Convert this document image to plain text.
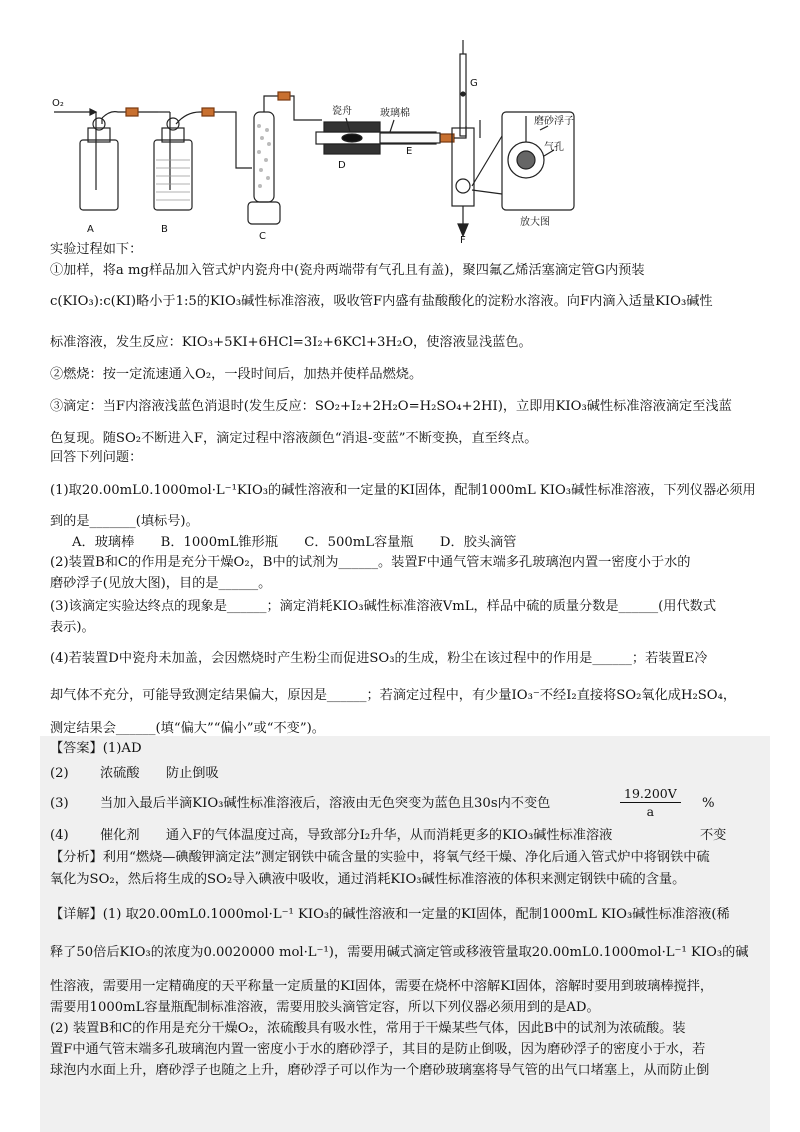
O₂
A	B
C
D
E
F
G
瓷舟	玻璃棉
磨砂浮子
气孔
放大图
实验过程如下：
①加样，将a mg样品加入管式炉内瓷舟中(瓷舟两端带有气孔且有盖)，聚四氟乙烯活塞滴定管G内预装
c(KIO₃):c(KI)略小于1:5的KIO₃碱性标准溶液，吸收管F内盛有盐酸酸化的淀粉水溶液。向F内滴入适量KIO₃碱性
标准溶液，发生反应：KIO₃+5KI+6HCl=3I₂+6KCl+3H₂O，使溶液显浅蓝色。
②燃烧：按一定流速通入O₂，一段时间后，加热并使样品燃烧。
③滴定：当F内溶液浅蓝色消退时(发生反应：SO₂+I₂+2H₂O=H₂SO₄+2HI)，立即用KIO₃碱性标准溶液滴定至浅蓝
色复现。随SO₂不断进入F，滴定过程中溶液颜色“消退-变蓝”不断变换，直至终点。
回答下列问题：
(1)取20.00mL0.1000mol·L⁻¹KIO₃的碱性溶液和一定量的KI固体，配制1000mL KIO₃碱性标准溶液，下列仪器必须用
到的是_______(填标号)。
A．玻璃棒　　B．1000mL锥形瓶　　C．500mL容量瓶　　D．胶头滴管
(2)装置B和C的作用是充分干燥O₂，B中的试剂为______。装置F中通气管末端多孔玻璃泡内置一密度小于水的
磨砂浮子(见放大图)，目的是______。
(3)该滴定实验达终点的现象是______；滴定消耗KIO₃碱性标准溶液VmL，样品中硫的质量分数是______(用代数式
表示)。
(4)若装置D中瓷舟未加盖，会因燃烧时产生粉尘而促进SO₃的生成，粉尘在该过程中的作用是______；若装置E冷
却气体不充分，可能导致测定结果偏大，原因是______；若滴定过程中，有少量IO₃⁻不经I₂直接将SO₂氧化成H₂SO₄，
测定结果会______(填“偏大”“偏小”或“不变”)。
【答案】(1)AD
(2) 浓硫酸　　防止倒吸
(3) 当加入最后半滴KIO₃碱性标准溶液后，溶液由无色突变为蓝色且30s内不变色	$\frac{19.200V}{a}$ %
(4) 催化剂　　通入F的气体温度过高，导致部分I₂升华，从而消耗更多的KIO₃碱性标准溶液	不变
【分析】利用“燃烧—碘酸钾滴定法”测定钢铁中硫含量的实验中，将氧气经干燥、净化后通入管式炉中将钢铁中硫
氧化为SO₂，然后将生成的SO₂导入碘液中吸收，通过消耗KIO₃碱性标准溶液的体积来测定钢铁中硫的含量。
【详解】(1) 取20.00mL0.1000mol·L⁻¹ KIO₃的碱性溶液和一定量的KI固体，配制1000mL KIO₃碱性标准溶液(稀
释了50倍后KIO₃的浓度为0.0020000 mol·L⁻¹)，需要用碱式滴定管或移液管量取20.00mL0.1000mol·L⁻¹ KIO₃的碱
性溶液，需要用一定精确度的天平称量一定质量的KI固体，需要在烧杯中溶解KI固体，溶解时要用到玻璃棒搅拌，
需要用1000mL容量瓶配制标准溶液，需要用胶头滴管定容，所以下列仪器必须用到的是AD。
(2) 装置B和C的作用是充分干燥O₂，浓硫酸具有吸水性，常用于干燥某些气体，因此B中的试剂为浓硫酸。装
置F中通气管末端多孔玻璃泡内置一密度小于水的磨砂浮子，其目的是防止倒吸，因为磨砂浮子的密度小于水，若
球泡内水面上升，磨砂浮子也随之上升，磨砂浮子可以作为一个磨砂玻璃塞将导气管的出气口堵塞上，从而防止倒
